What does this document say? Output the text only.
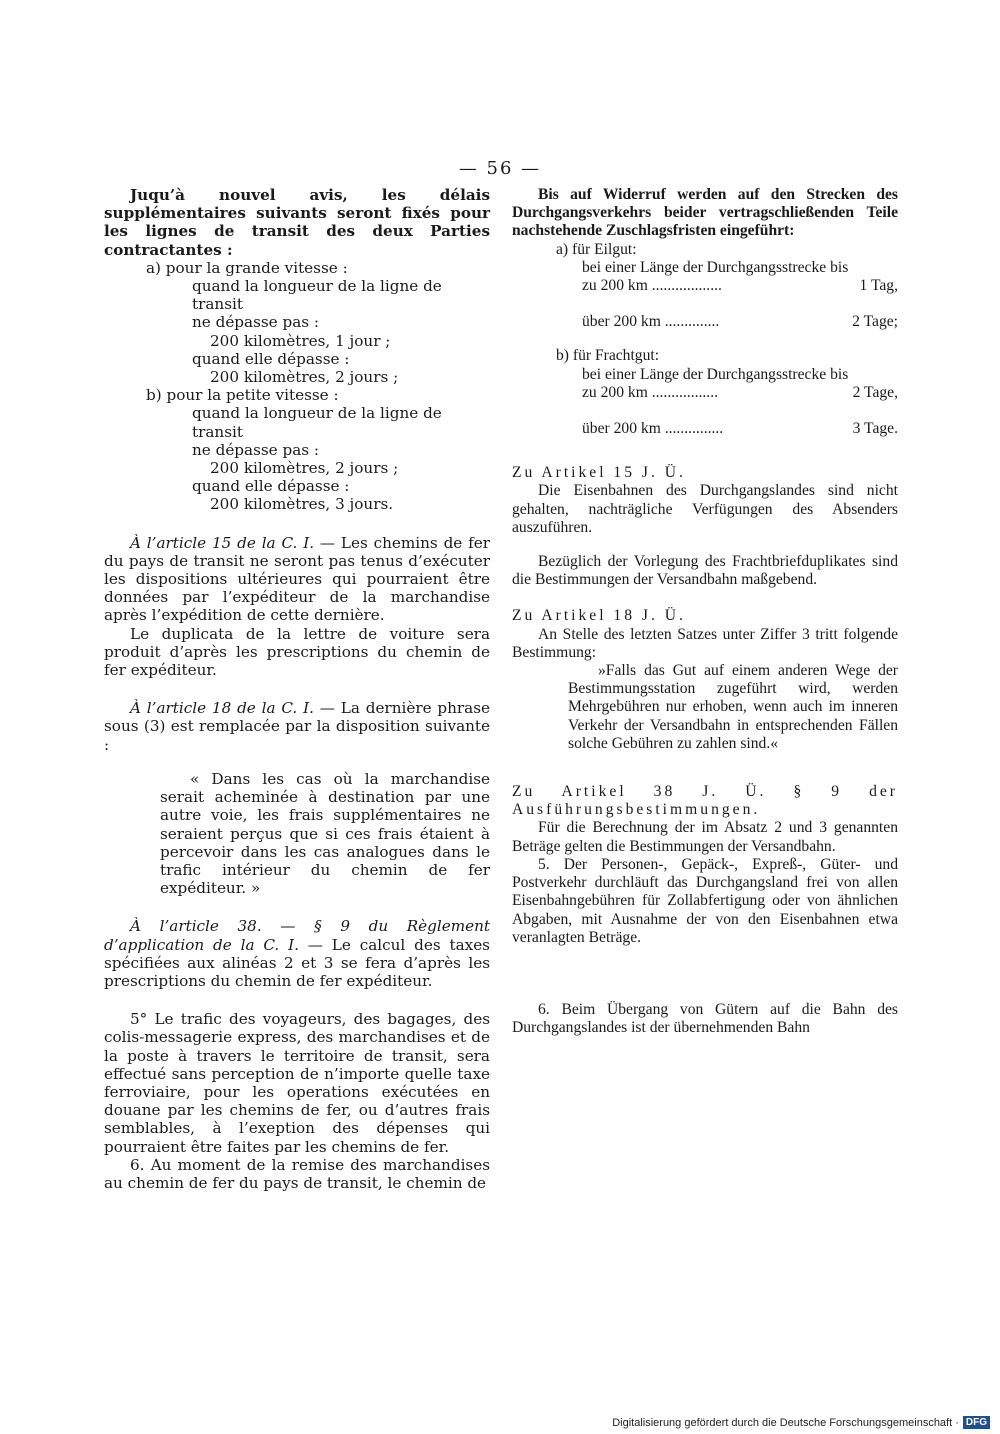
— 56 —

Juqu’à nouvel avis, les délais supplémentaires suivants seront fixés pour les lignes de transit des deux Parties contractantes :

a) pour la grande vitesse :

quand la longueur de la ligne de transit

ne dépasse pas :

200 kilomètres, 1 jour ;

quand elle dépasse :

200 kilomètres, 2 jours ;

b) pour la petite vitesse :

quand la longueur de la ligne de transit

ne dépasse pas :

200 kilomètres, 2 jours ;

quand elle dépasse :

200 kilomètres, 3 jours.

À l’article 15 de la C. I. — Les chemins de fer du pays de transit ne seront pas tenus d’exécuter les dispositions ultérieures qui pourraient être données par l’expéditeur de la marchandise après l’expédition de cette dernière.

Le duplicata de la lettre de voiture sera produit d’après les prescriptions du chemin de fer expéditeur.

À l’article 18 de la C. I. — La dernière phrase sous (3) est remplacée par la disposition suivante :

« Dans les cas où la marchandise serait acheminée à destination par une autre voie, les frais supplémentaires ne seraient perçus que si ces frais étaient à percevoir dans les cas analogues dans le trafic intérieur du chemin de fer expéditeur. »

À l’article 38. — § 9 du Règlement d’application de la C. I. — Le calcul des taxes spécifiées aux alinéas 2 et 3 se fera d’après les prescriptions du chemin de fer expéditeur.

5° Le trafic des voyageurs, des bagages, des colis-messagerie express, des marchandises et de la poste à travers le territoire de transit, sera effectué sans perception de n’importe quelle taxe ferroviaire, pour les operations exécutées en douane par les chemins de fer, ou d’autres frais semblables, à l’exeption des dépenses qui pourraient être faites par les chemins de fer.

6. Au moment de la remise des marchandises au chemin de fer du pays de transit, le chemin de

Bis auf Widerruf werden auf den Strecken des Durchgangsverkehrs beider vertragschließenden Teile nachstehende Zuschlagsfristen eingeführt:

a) für Eilgut:

bei einer Länge der Durchgangsstrecke bis

zu 200 km ..................	1 Tag,
über 200 km ..............	2 Tage;

b) für Frachtgut:

bei einer Länge der Durchgangsstrecke bis

zu 200 km .................	2 Tage,
über 200 km ...............	3 Tage.

Zu Artikel 15 J. Ü.

Die Eisenbahnen des Durchgangslandes sind nicht gehalten, nachträgliche Verfügungen des Absenders auszuführen.

Bezüglich der Vorlegung des Frachtbriefduplikates sind die Bestimmungen der Versandbahn maßgebend.

Zu Artikel 18 J. Ü.

An Stelle des letzten Satzes unter Ziffer 3 tritt folgende Bestimmung:

»Falls das Gut auf einem anderen Wege der Bestimmungsstation zugeführt wird, werden Mehrgebühren nur erhoben, wenn auch im inneren Verkehr der Versandbahn in entsprechenden Fällen solche Gebühren zu zahlen sind.«

Zu Artikel 38 J. Ü. § 9 der Ausführungsbestimmungen.

Für die Berechnung der im Absatz 2 und 3 genannten Beträge gelten die Bestimmungen der Versandbahn.

5. Der Personen-, Gepäck-, Expreß-, Güter- und Postverkehr durchläuft das Durchgangsland frei von allen Eisenbahngebühren für Zollabfertigung oder von ähnlichen Abgaben, mit Ausnahme der von den Eisenbahnen etwa veranlagten Beträge.

6. Beim Übergang von Gütern auf die Bahn des Durchgangslandes ist der übernehmenden Bahn

Digitalisierung gefördert durch die Deutsche Forschungsgemeinschaft · DFG
